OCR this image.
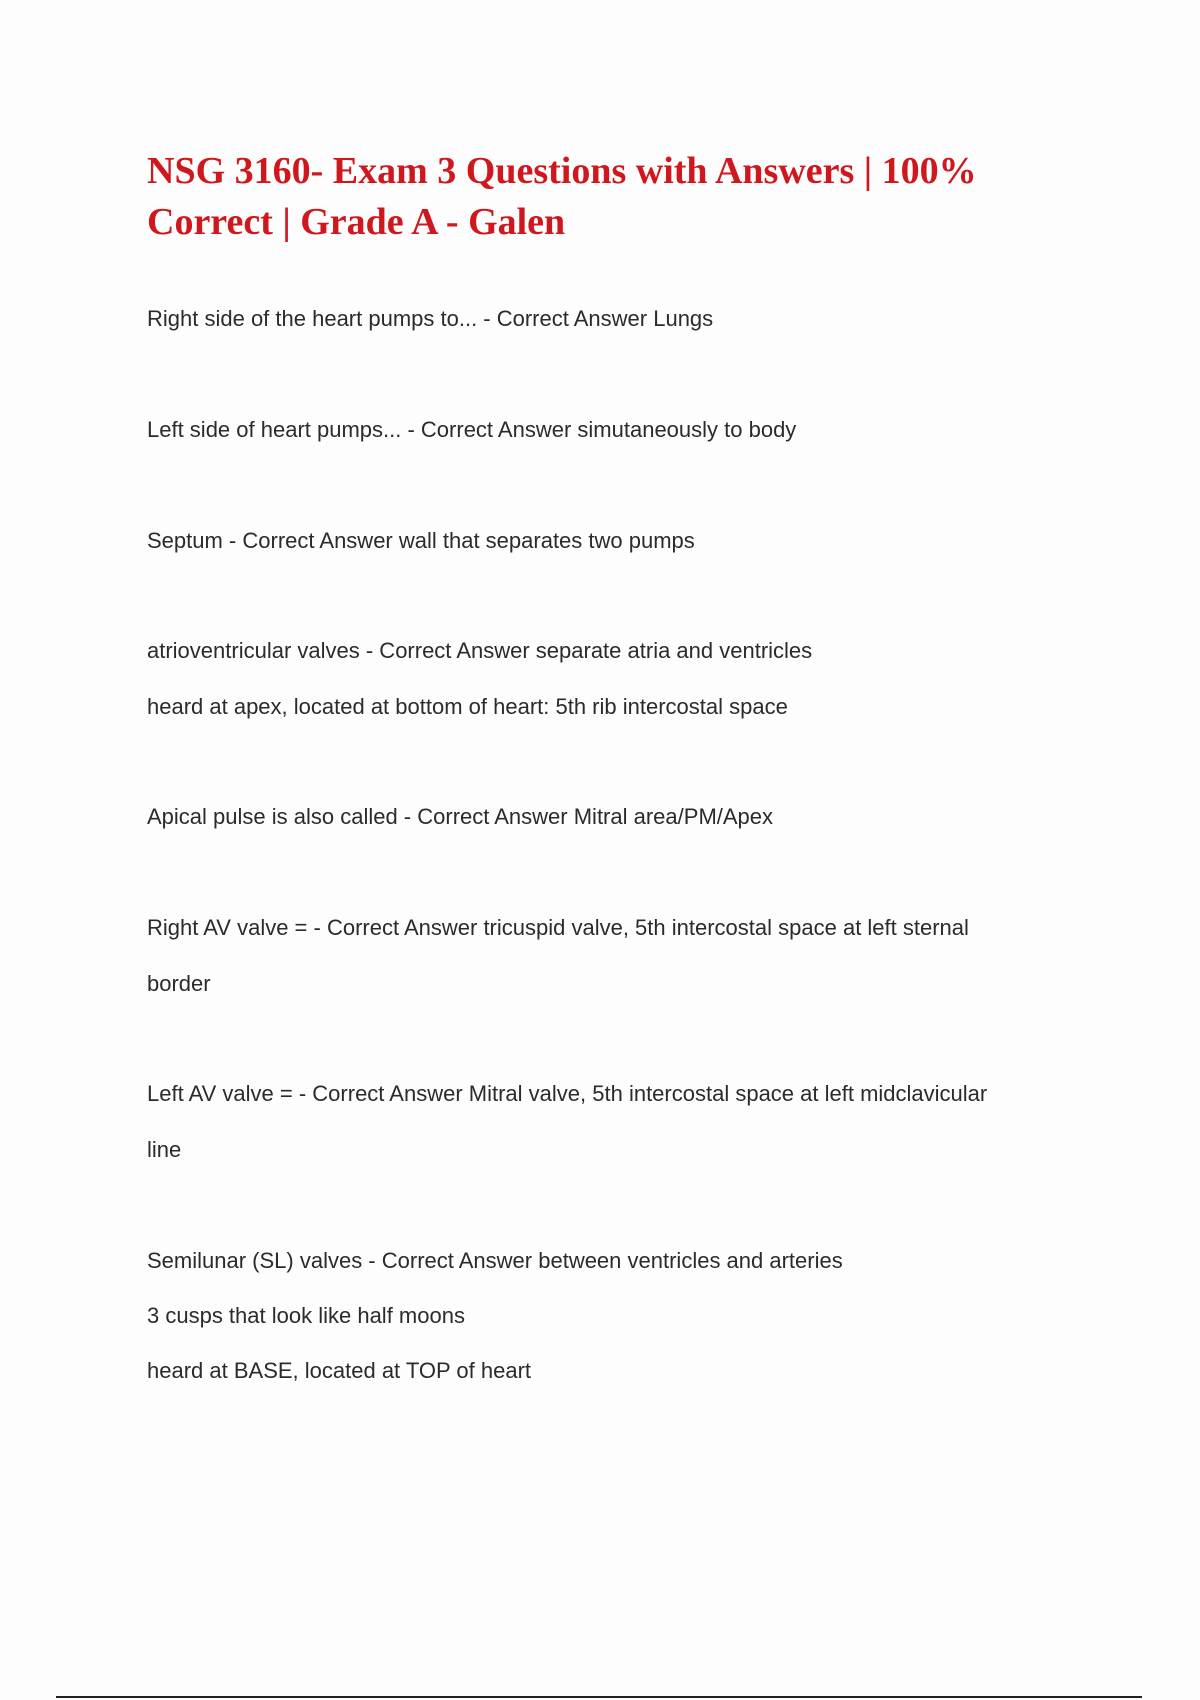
NSG 3160- Exam 3 Questions with Answers | 100% Correct | Grade A - Galen

Right side of the heart pumps to... - Correct Answer Lungs

Left side of heart pumps... - Correct Answer simutaneously to body

Septum - Correct Answer wall that separates two pumps

atrioventricular valves - Correct Answer separate atria and ventricles

heard at apex, located at bottom of heart: 5th rib intercostal space

Apical pulse is also called - Correct Answer Mitral area/PM/Apex

Right AV valve = - Correct Answer tricuspid valve, 5th intercostal space at left sternal

border

Left AV valve = - Correct Answer Mitral valve, 5th intercostal space at left midclavicular

line

Semilunar (SL) valves - Correct Answer between ventricles and arteries

3 cusps that look like half moons

heard at BASE, located at TOP of heart
